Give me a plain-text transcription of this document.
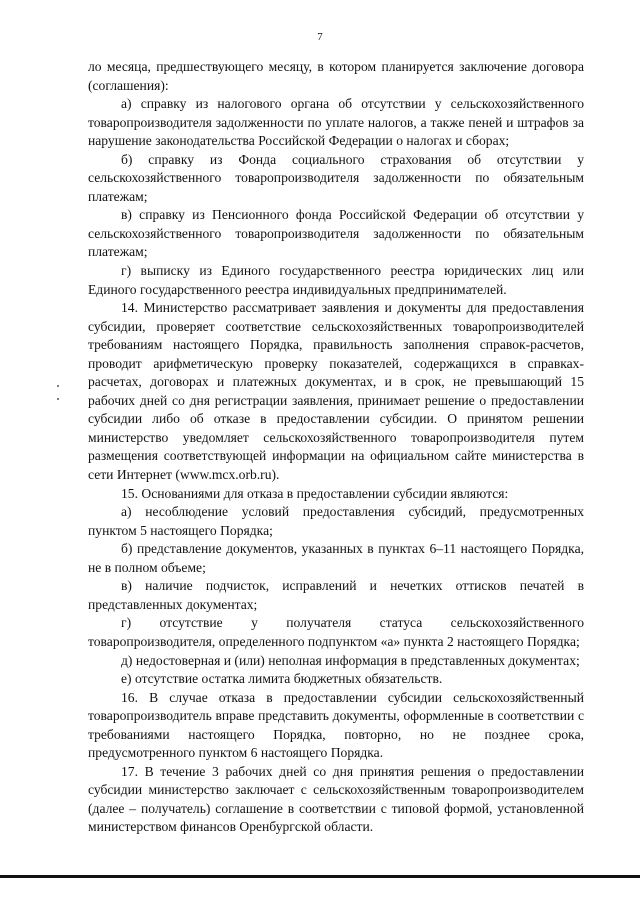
7

ло месяца, предшествующего месяцу, в котором планируется заключение договора (соглашения):

а) справку из налогового органа об отсутствии у сельскохозяйственного товаропроизводителя задолженности по уплате налогов, а также пеней и штрафов за нарушение законодательства Российской Федерации о налогах и сборах;

б) справку из Фонда социального страхования об отсутствии у сельскохозяйственного товаропроизводителя задолженности по обязательным платежам;

в) справку из Пенсионного фонда Российской Федерации об отсутствии у сельскохозяйственного товаропроизводителя задолженности по обязательным платежам;

г) выписку из Единого государственного реестра юридических лиц или Единого государственного реестра индивидуальных предпринимателей.

14. Министерство рассматривает заявления и документы для предоставления субсидии, проверяет соответствие сельскохозяйственных товаропроизводителей требованиям настоящего Порядка, правильность заполнения справок-расчетов, проводит арифметическую проверку показателей, содержащихся в справках-расчетах, договорах и платежных документах, и в срок, не превышающий 15 рабочих дней со дня регистрации заявления, принимает решение о предоставлении субсидии либо об отказе в предоставлении субсидии. О принятом решении министерство уведомляет сельскохозяйственного товаропроизводителя путем размещения соответствующей информации на официальном сайте министерства в сети Интернет (www.mcx.orb.ru).

15. Основаниями для отказа в предоставлении субсидии являются:

а) несоблюдение условий предоставления субсидий, предусмотренных пунктом 5 настоящего Порядка;

б) представление документов, указанных в пунктах 6–11 настоящего Порядка, не в полном объеме;

в) наличие подчисток, исправлений и нечетких оттисков печатей в представленных документах;

г) отсутствие у получателя статуса сельскохозяйственного товаропроизводителя, определенного подпунктом «а» пункта 2 настоящего Порядка;

д) недостоверная и (или) неполная информация в представленных документах;

е) отсутствие остатка лимита бюджетных обязательств.

16. В случае отказа в предоставлении субсидии сельскохозяйственный товаропроизводитель вправе представить документы, оформленные в соответствии с требованиями настоящего Порядка, повторно, но не позднее срока, предусмотренного пунктом 6 настоящего Порядка.

17. В течение 3 рабочих дней со дня принятия решения о предоставлении субсидии министерство заключает с сельскохозяйственным товаропроизводителем (далее – получатель) соглашение в соответствии с типовой формой, установленной министерством финансов Оренбургской области.
